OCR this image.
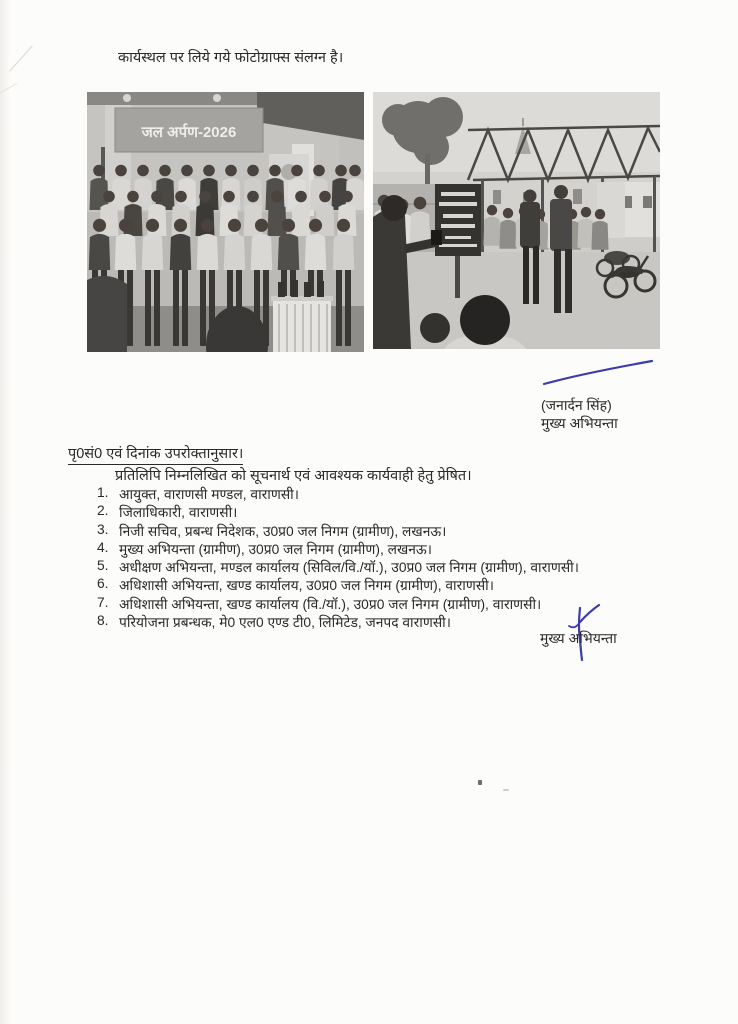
कार्यस्थल पर लिये गये फोटोग्राफ्स संलग्न है।
जल अर्पण-2026
(जनार्दन सिंह)
मुख्य अभियन्ता
पृ0सं0 एवं दिनांक उपरोक्तानुसार।
प्रतिलिपि निम्नलिखित को सूचनार्थ एवं आवश्यक कार्यवाही हेतु प्रेषित।
1. आयुक्त, वाराणसी मण्डल, वाराणसी।
2. जिलाधिकारी, वाराणसी।
3. निजी सचिव, प्रबन्ध निदेशक, उ0प्र0 जल निगम (ग्रामीण), लखनऊ।
4. मुख्य अभियन्ता (ग्रामीण), उ0प्र0 जल निगम (ग्रामीण), लखनऊ।
5. अधीक्षण अभियन्ता, मण्डल कार्यालय (सिविल/वि./यॉ.), उ0प्र0 जल निगम (ग्रामीण), वाराणसी।
6. अधिशासी अभियन्ता, खण्ड कार्यालय, उ0प्र0 जल निगम (ग्रामीण), वाराणसी।
7. अधिशासी अभियन्ता, खण्ड कार्यालय (वि./यॉ.), उ0प्र0 जल निगम (ग्रामीण), वाराणसी।
8. परियोजना प्रबन्धक, मे0 एल0 एण्ड टी0, लिमिटेड, जनपद वाराणसी।
मुख्य अभियन्ता
